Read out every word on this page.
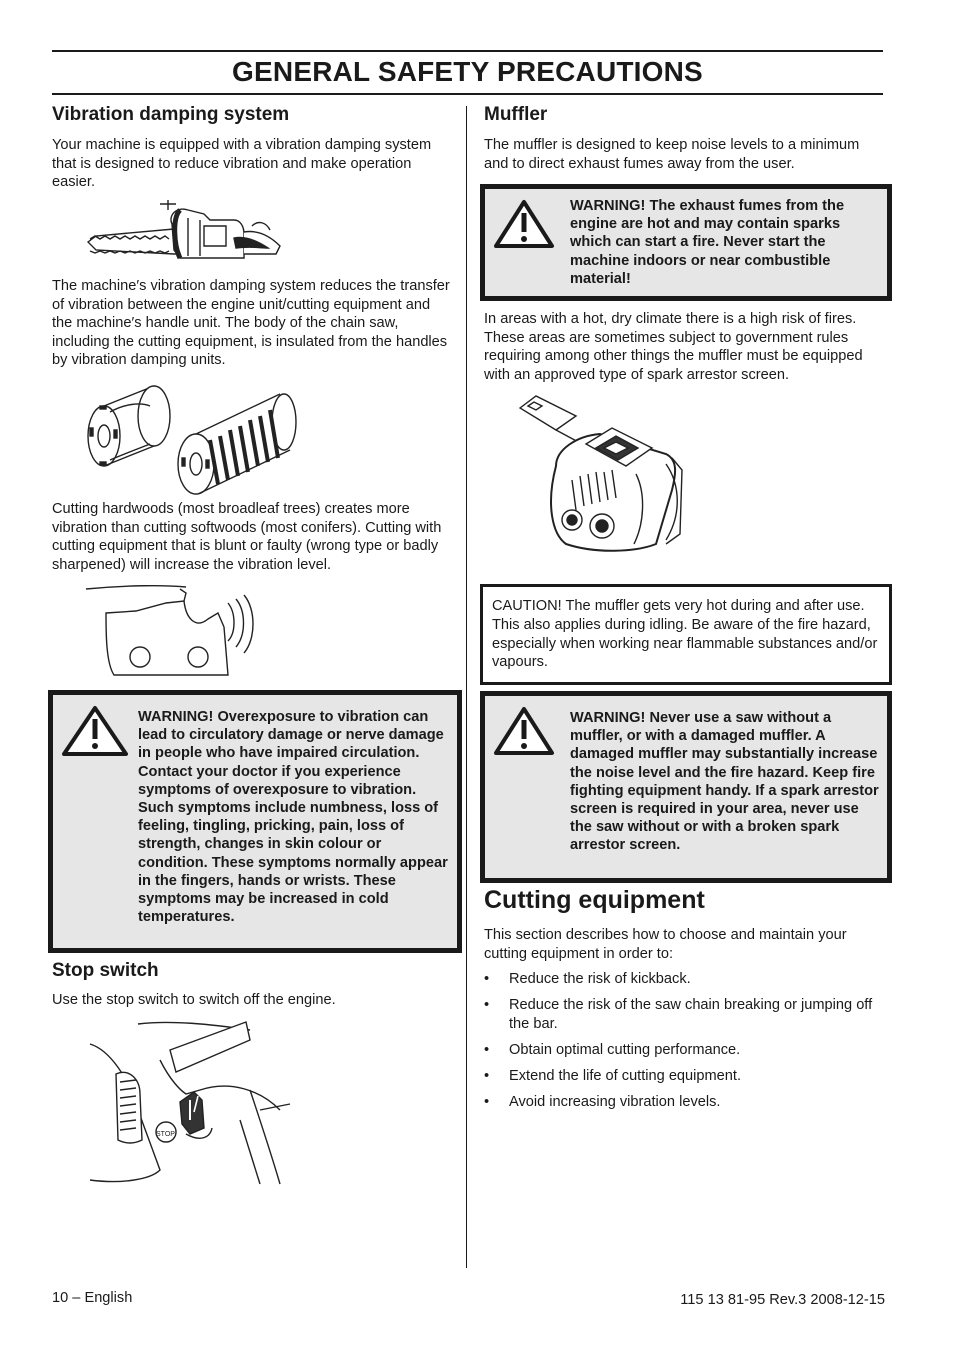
GENERAL SAFETY PRECAUTIONS
Vibration damping system

Your machine is equipped with a vibration damping system that is designed to reduce vibration and make operation easier.

The machine′s vibration damping system reduces the transfer of vibration between the engine unit/cutting equipment and the machine′s handle unit. The body of the chain saw, including the cutting equipment, is insulated from the handles by vibration damping units.

Cutting hardwoods (most broadleaf trees) creates more vibration than cutting softwoods (most conifers). Cutting with cutting equipment that is blunt or faulty (wrong type or badly sharpened) will increase the vibration level.

WARNING! Overexposure to vibration can lead to circulatory damage or nerve damage in people who have impaired circulation. Contact your doctor if you experience symptoms of overexposure to vibration. Such symptoms include numbness, loss of feeling, tingling, pricking, pain, loss of strength, changes in skin colour or condition. These symptoms normally appear in the fingers, hands or wrists. These symptoms may be increased in cold temperatures.

Stop switch

Use the stop switch to switch off the engine.

STOP
Muffler

The muffler is designed to keep noise levels to a minimum and to direct exhaust fumes away from the user.

WARNING! The exhaust fumes from the engine are hot and may contain sparks which can start a fire. Never start the machine indoors or near combustible material!

In areas with a hot, dry climate there is a high risk of fires. These areas are sometimes subject to government rules requiring among other things the muffler must be equipped with an approved type of spark arrestor screen.

CAUTION! The muffler gets very hot during and after use. This also applies during idling. Be aware of the fire hazard, especially when working near flammable substances and/or vapours.

WARNING! Never use a saw without a muffler, or with a damaged muffler. A damaged muffler may substantially increase the noise level and the fire hazard. Keep fire fighting equipment handy. If a spark arrestor screen is required in your area, never use the saw without or with a broken spark arrestor screen.

Cutting equipment

This section describes how to choose and maintain your cutting equipment in order to:

• Reduce the risk of kickback.
• Reduce the risk of the saw chain breaking or jumping off the bar.
• Obtain optimal cutting performance.
• Extend the life of cutting equipment.
• Avoid increasing vibration levels.
10 – English	115 13 81-95 Rev.3 2008-12-15
